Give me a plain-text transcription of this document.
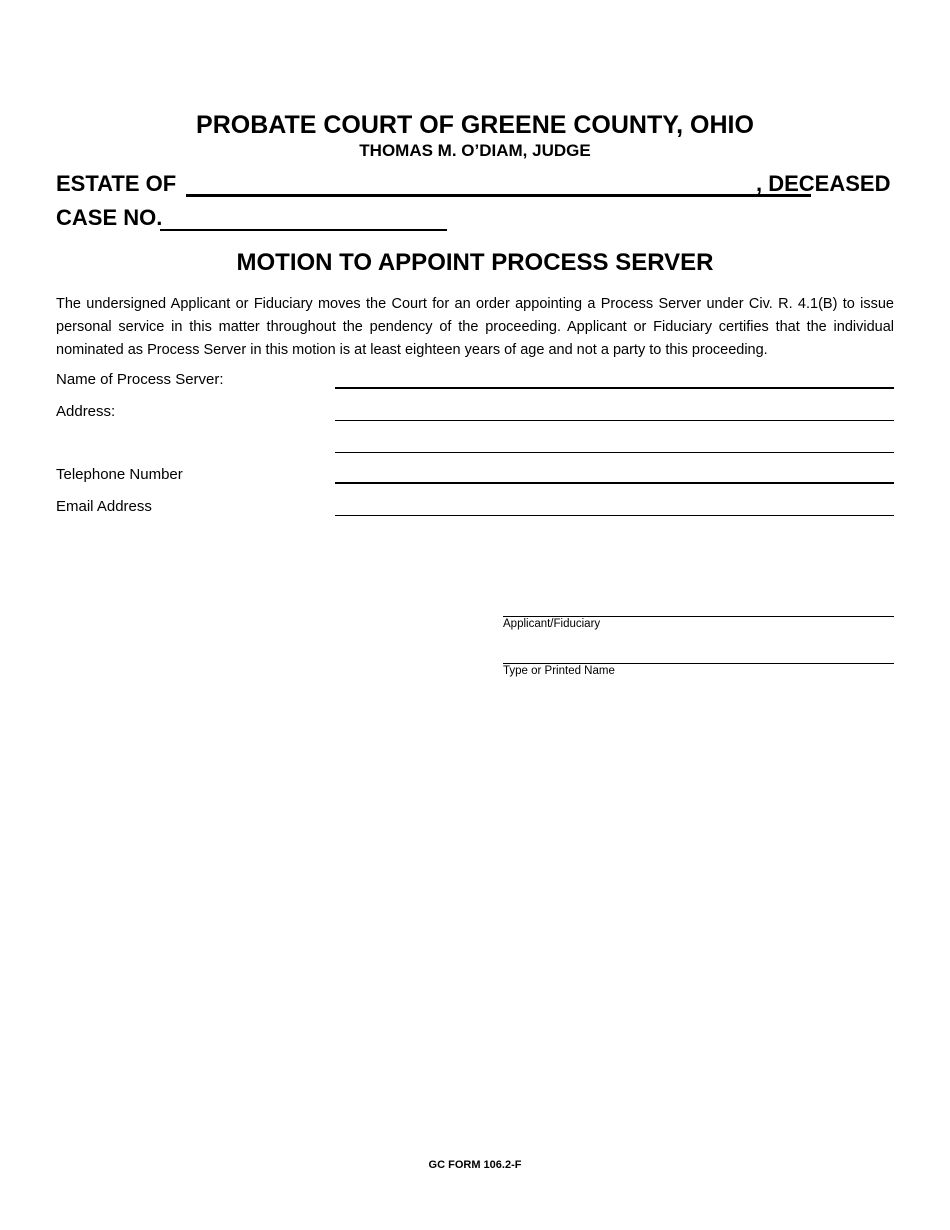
PROBATE COURT OF GREENE COUNTY, OHIO
THOMAS M. O’DIAM, JUDGE
ESTATE OF	, DECEASED
CASE NO.
MOTION TO APPOINT PROCESS SERVER
The undersigned Applicant or Fiduciary moves the Court for an order appointing a Process Server under Civ. R. 4.1(B) to issue personal service in this matter throughout the pendency of the proceeding. Applicant or Fiduciary certifies that the individual nominated as Process Server in this motion is at least eighteen years of age and not a party to this proceeding.
Name of Process Server:
Address:
Telephone Number
Email Address
Applicant/Fiduciary
Type or Printed Name
GC FORM 106.2-F
